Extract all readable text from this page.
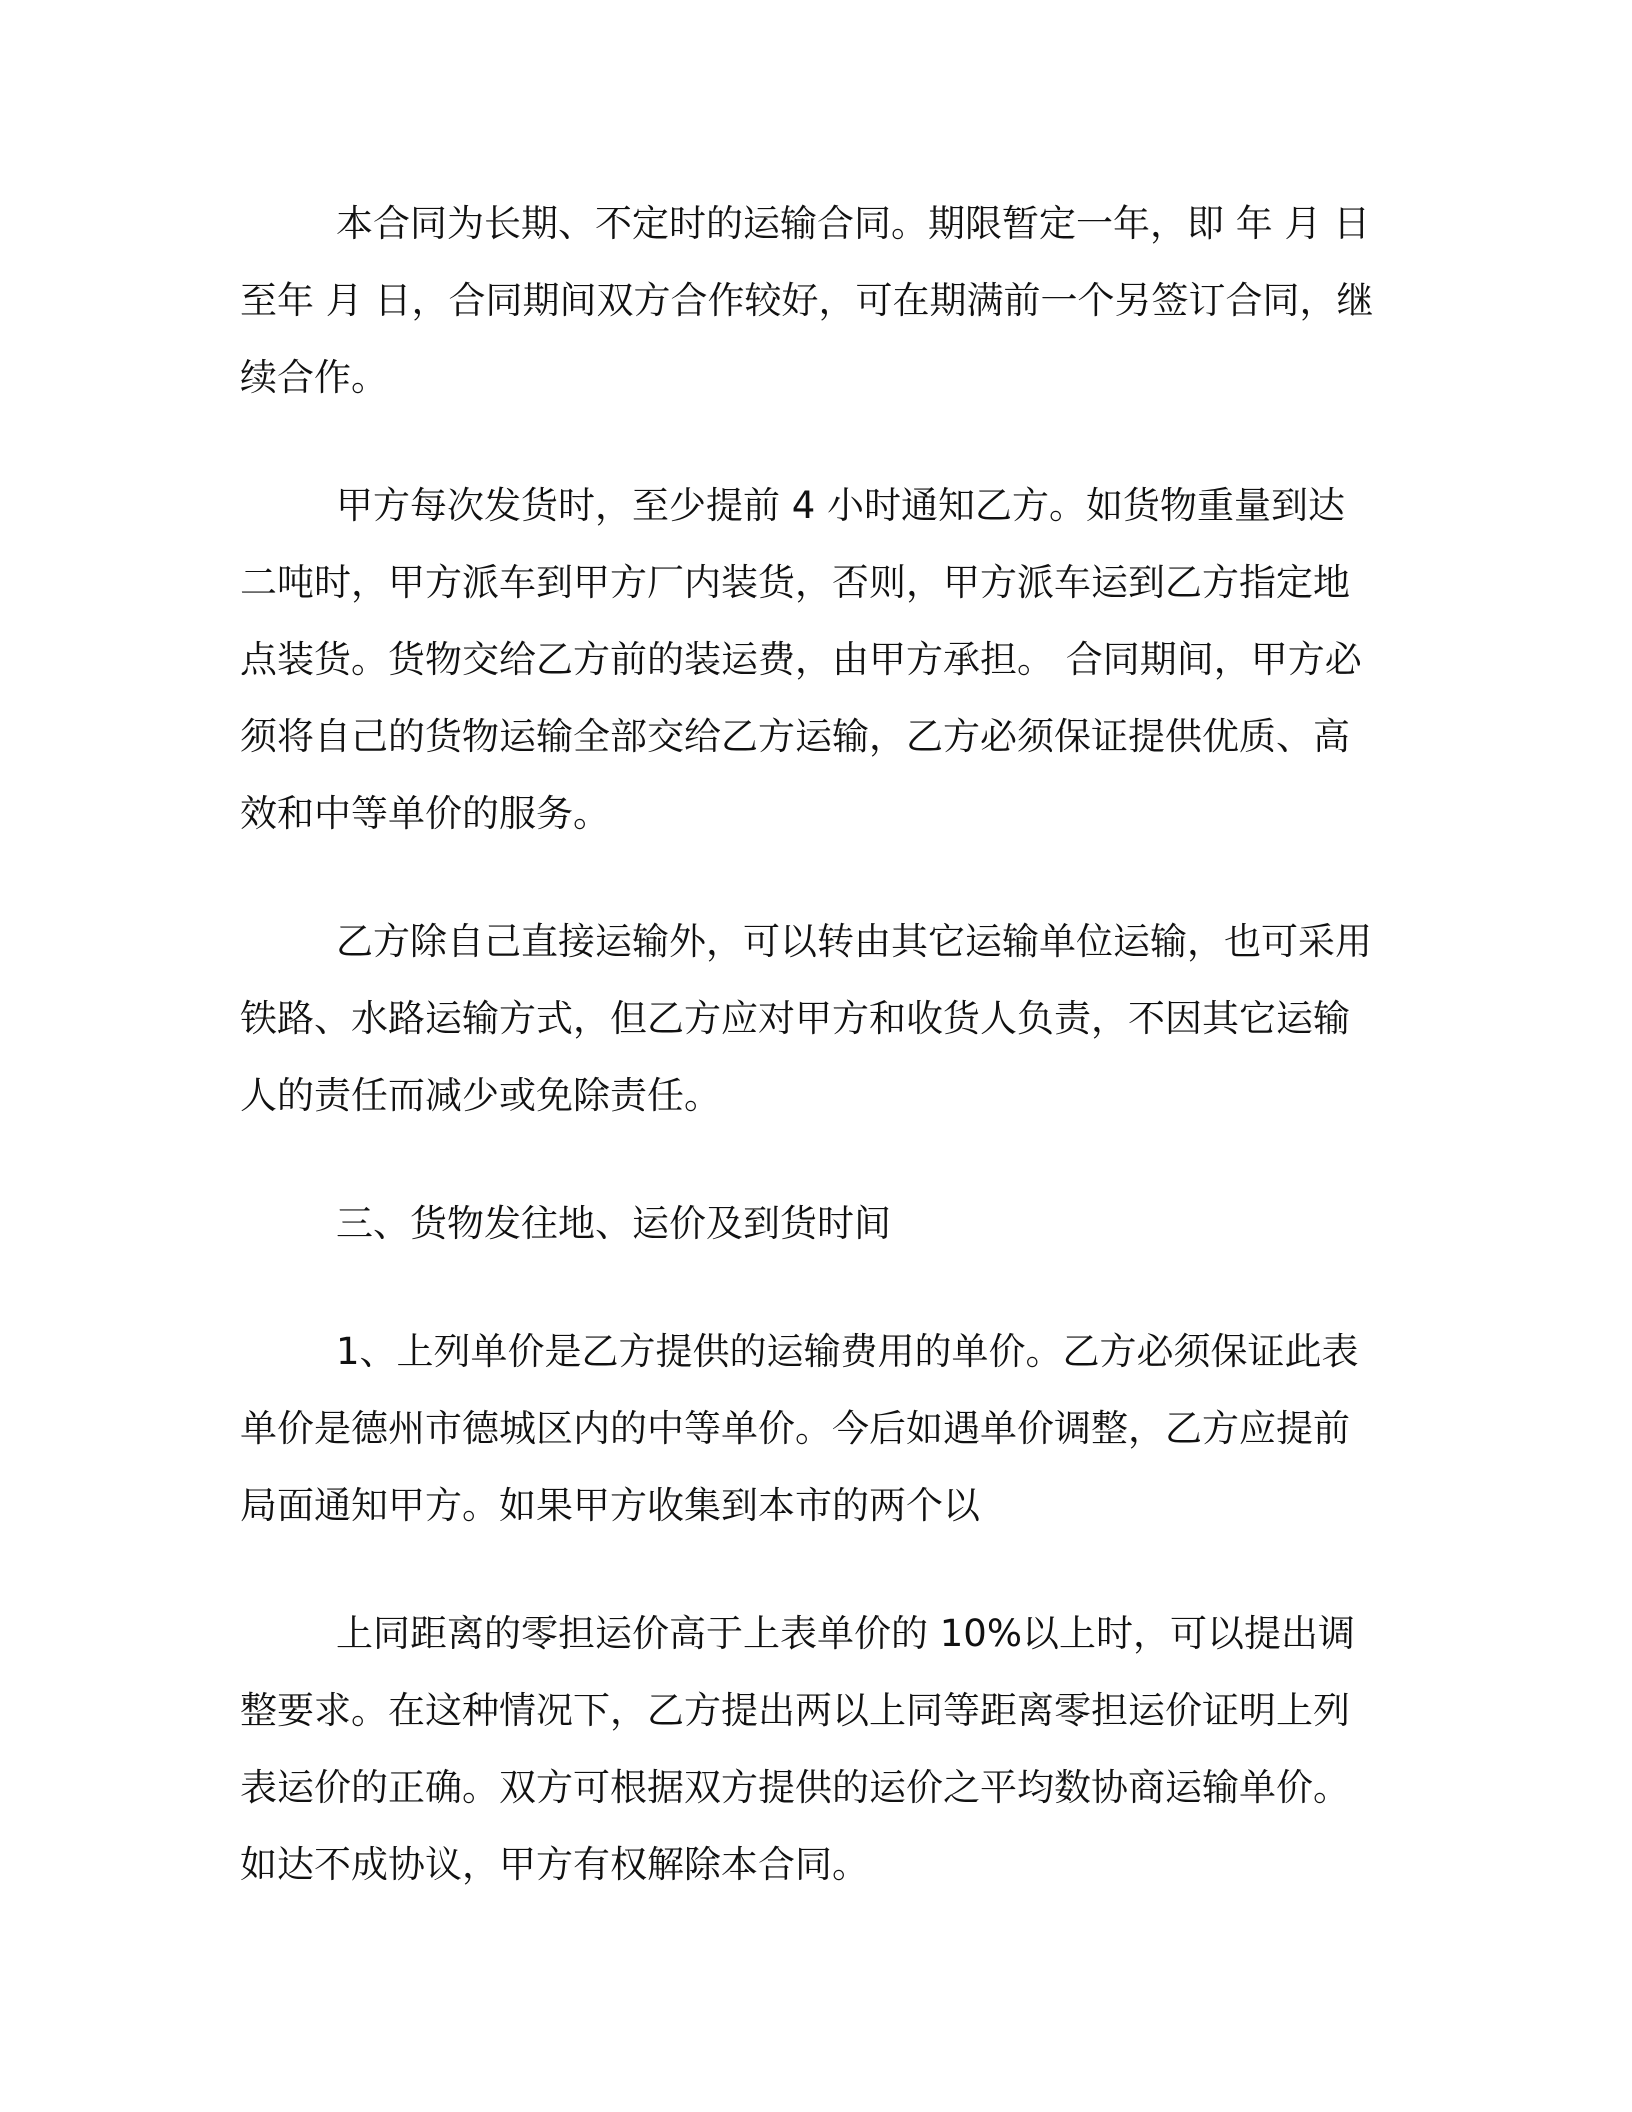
本合同为长期、不定时的运输合同。期限暂定一年，即 年 月 日至年 月 日，合同期间双方合作较好，可在期满前一个另签订合同，继续合作。

甲方每次发货时，至少提前 4 小时通知乙方。如货物重量到达二吨时，甲方派车到甲方厂内装货，否则，甲方派车运到乙方指定地点装货。货物交给乙方前的装运费，由甲方承担。 合同期间，甲方必须将自己的货物运输全部交给乙方运输，乙方必须保证提供优质、高效和中等单价的服务。

乙方除自己直接运输外，可以转由其它运输单位运输，也可采用铁路、水路运输方式，但乙方应对甲方和收货人负责，不因其它运输人的责任而减少或免除责任。

三、货物发往地、运价及到货时间

1、上列单价是乙方提供的运输费用的单价。乙方必须保证此表单价是德州市德城区内的中等单价。今后如遇单价调整，乙方应提前局面通知甲方。如果甲方收集到本市的两个以

上同距离的零担运价高于上表单价的 10%以上时，可以提出调整要求。在这种情况下，乙方提出两以上同等距离零担运价证明上列表运价的正确。双方可根据双方提供的运价之平均数协商运输单价。如达不成协议，甲方有权解除本合同。
